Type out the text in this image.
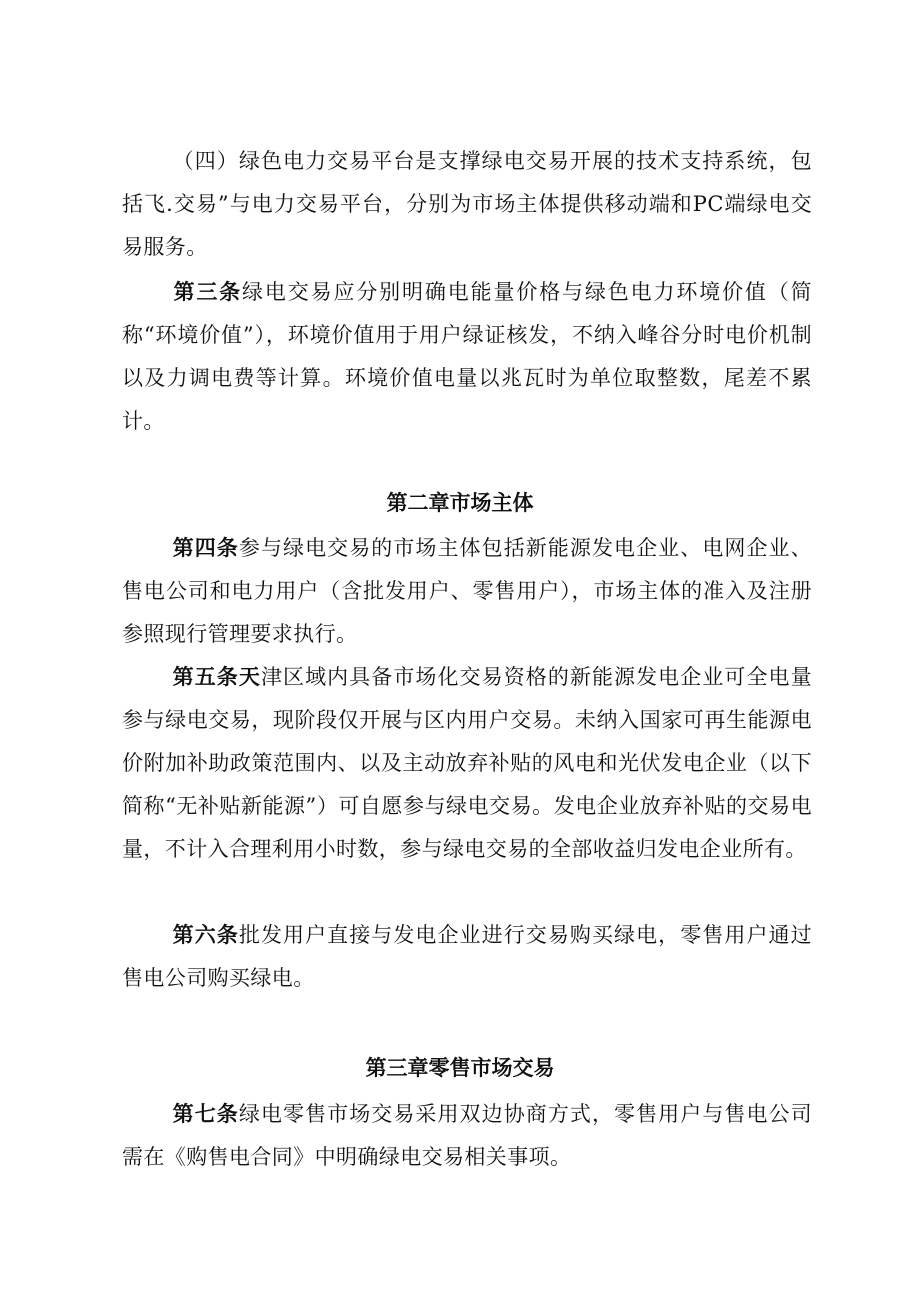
（四）绿色电力交易平台是支撑绿电交易开展的技术支持系统，包括飞.交易”与电力交易平台，分别为市场主体提供移动端和PC端绿电交易服务。

第三条绿电交易应分别明确电能量价格与绿色电力环境价值（简称“环境价值”），环境价值用于用户绿证核发，不纳入峰谷分时电价机制以及力调电费等计算。环境价值电量以兆瓦时为单位取整数，尾差不累计。

第二章市场主体

第四条参与绿电交易的市场主体包括新能源发电企业、电网企业、售电公司和电力用户（含批发用户、零售用户），市场主体的准入及注册参照现行管理要求执行。

第五条天津区域内具备市场化交易资格的新能源发电企业可全电量参与绿电交易，现阶段仅开展与区内用户交易。未纳入国家可再生能源电价附加补助政策范围内、以及主动放弃补贴的风电和光伏发电企业（以下简称“无补贴新能源”）可自愿参与绿电交易。发电企业放弃补贴的交易电量，不计入合理利用小时数，参与绿电交易的全部收益归发电企业所有。

第六条批发用户直接与发电企业进行交易购买绿电，零售用户通过售电公司购买绿电。

第三章零售市场交易

第七条绿电零售市场交易采用双边协商方式，零售用户与售电公司需在《购售电合同》中明确绿电交易相关事项。
